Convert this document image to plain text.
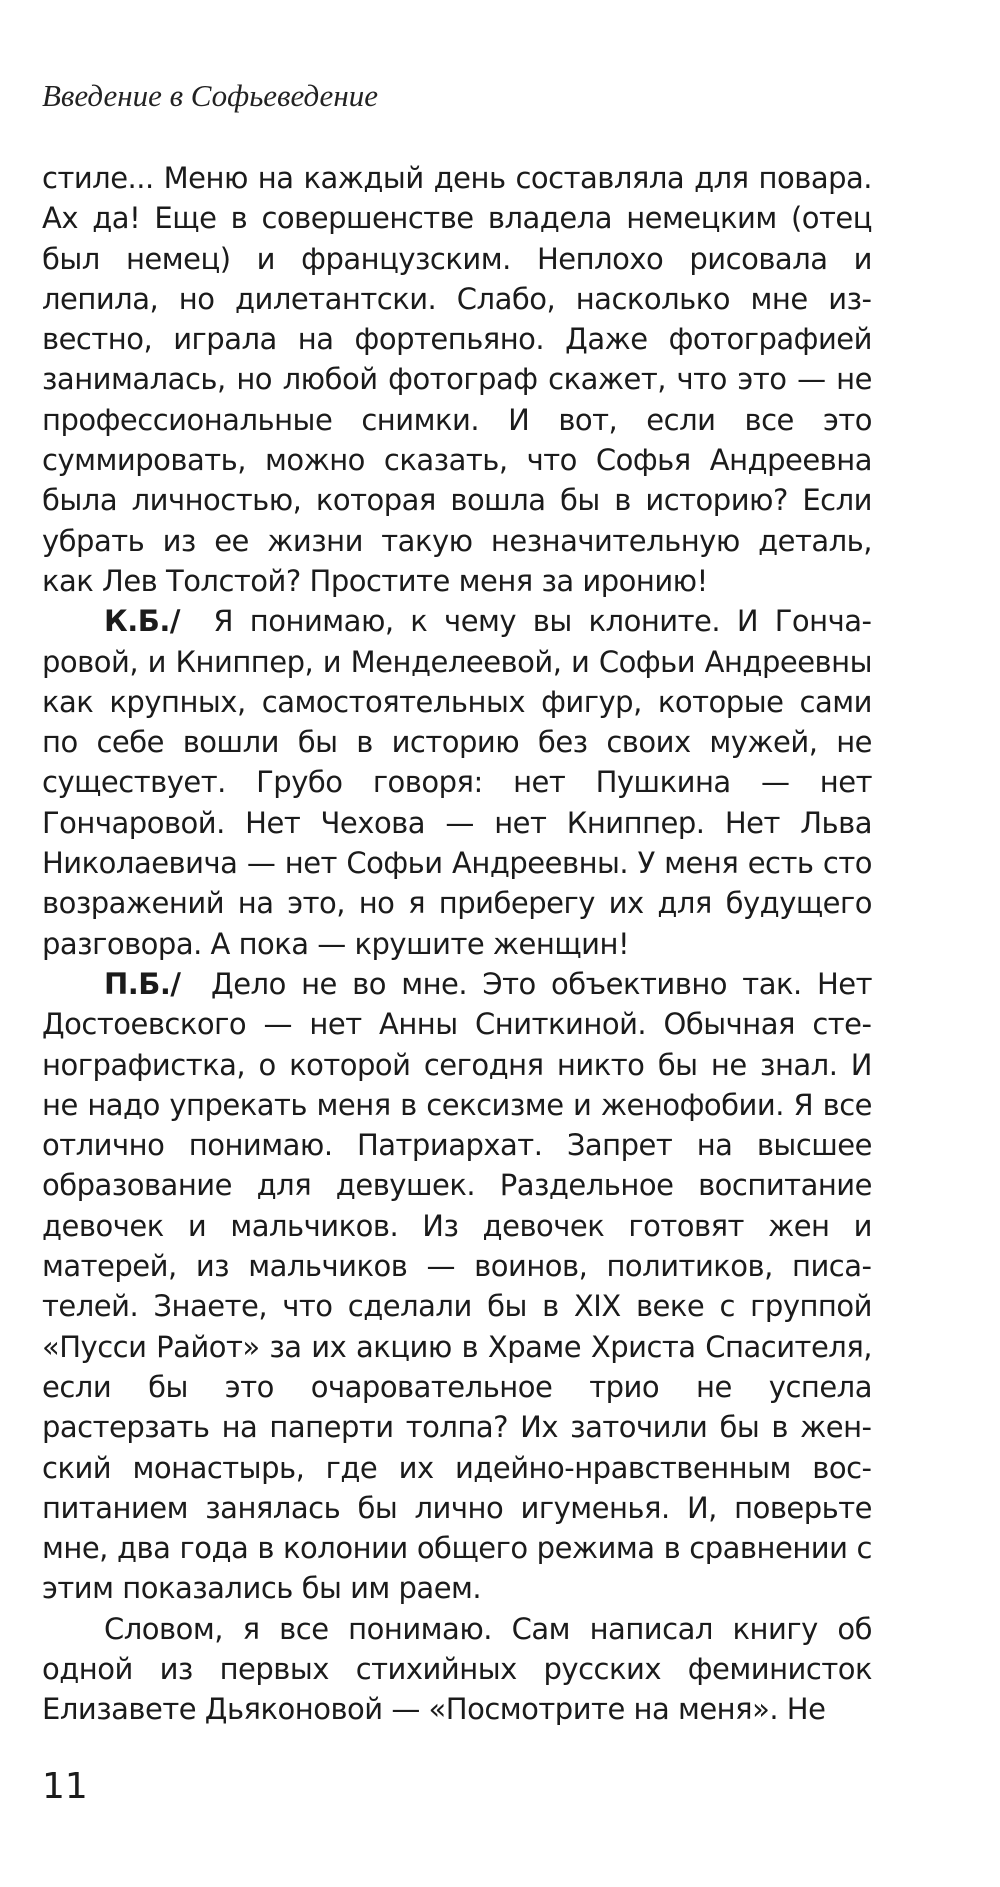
Введение в Софьеведение

стиле... Меню на каждый день составляла для повара. Ах да! Еще в совершенстве владела немецким (отец был немец) и французским. Неплохо рисовала и лепила, но дилетантски. Слабо, насколько мне известно, играла на фортепьяно. Даже фотографией занималась, но любой фотограф скажет, что это — не профессиональные снимки. И вот, если все это суммировать, можно сказать, что Софья Андреевна была личностью, которая вошла бы в историю? Если убрать из ее жизни такую незначительную деталь, как Лев Толстой? Простите меня за иронию!

К.Б./ Я понимаю, к чему вы клоните. И Гончаровой, и Книппер, и Менделеевой, и Софьи Андреевны как крупных, самостоятельных фигур, которые сами по себе вошли бы в историю без своих мужей, не существует. Грубо говоря: нет Пушкина — нет Гончаровой. Нет Чехова — нет Книппер. Нет Льва Николаевича — нет Софьи Андреевны. У меня есть сто возражений на это, но я приберегу их для будущего разговора. А пока — крушите женщин!

П.Б./ Дело не во мне. Это объективно так. Нет Достоевского — нет Анны Сниткиной. Обычная стенографистка, о которой сегодня никто бы не знал. И не надо упрекать меня в сексизме и женофобии. Я все отлично понимаю. Патриархат. Запрет на высшее образование для девушек. Раздельное воспитание девочек и мальчиков. Из девочек готовят жен и матерей, из мальчиков — воинов, политиков, писателей. Знаете, что сделали бы в XIX веке с группой «Пусси Райот» за их акцию в Храме Христа Спасителя, если бы это очаровательное трио не успела растерзать на паперти толпа? Их заточили бы в женский монастырь, где их идейно-нравственным воспитанием занялась бы лично игуменья. И, поверьте мне, два года в колонии общего режима в сравнении с этим показались бы им раем.

Словом, я все понимаю. Сам написал книгу об одной из первых стихийных русских феминисток Елизавете Дьяконовой — «Посмотрите на меня». Не

11
